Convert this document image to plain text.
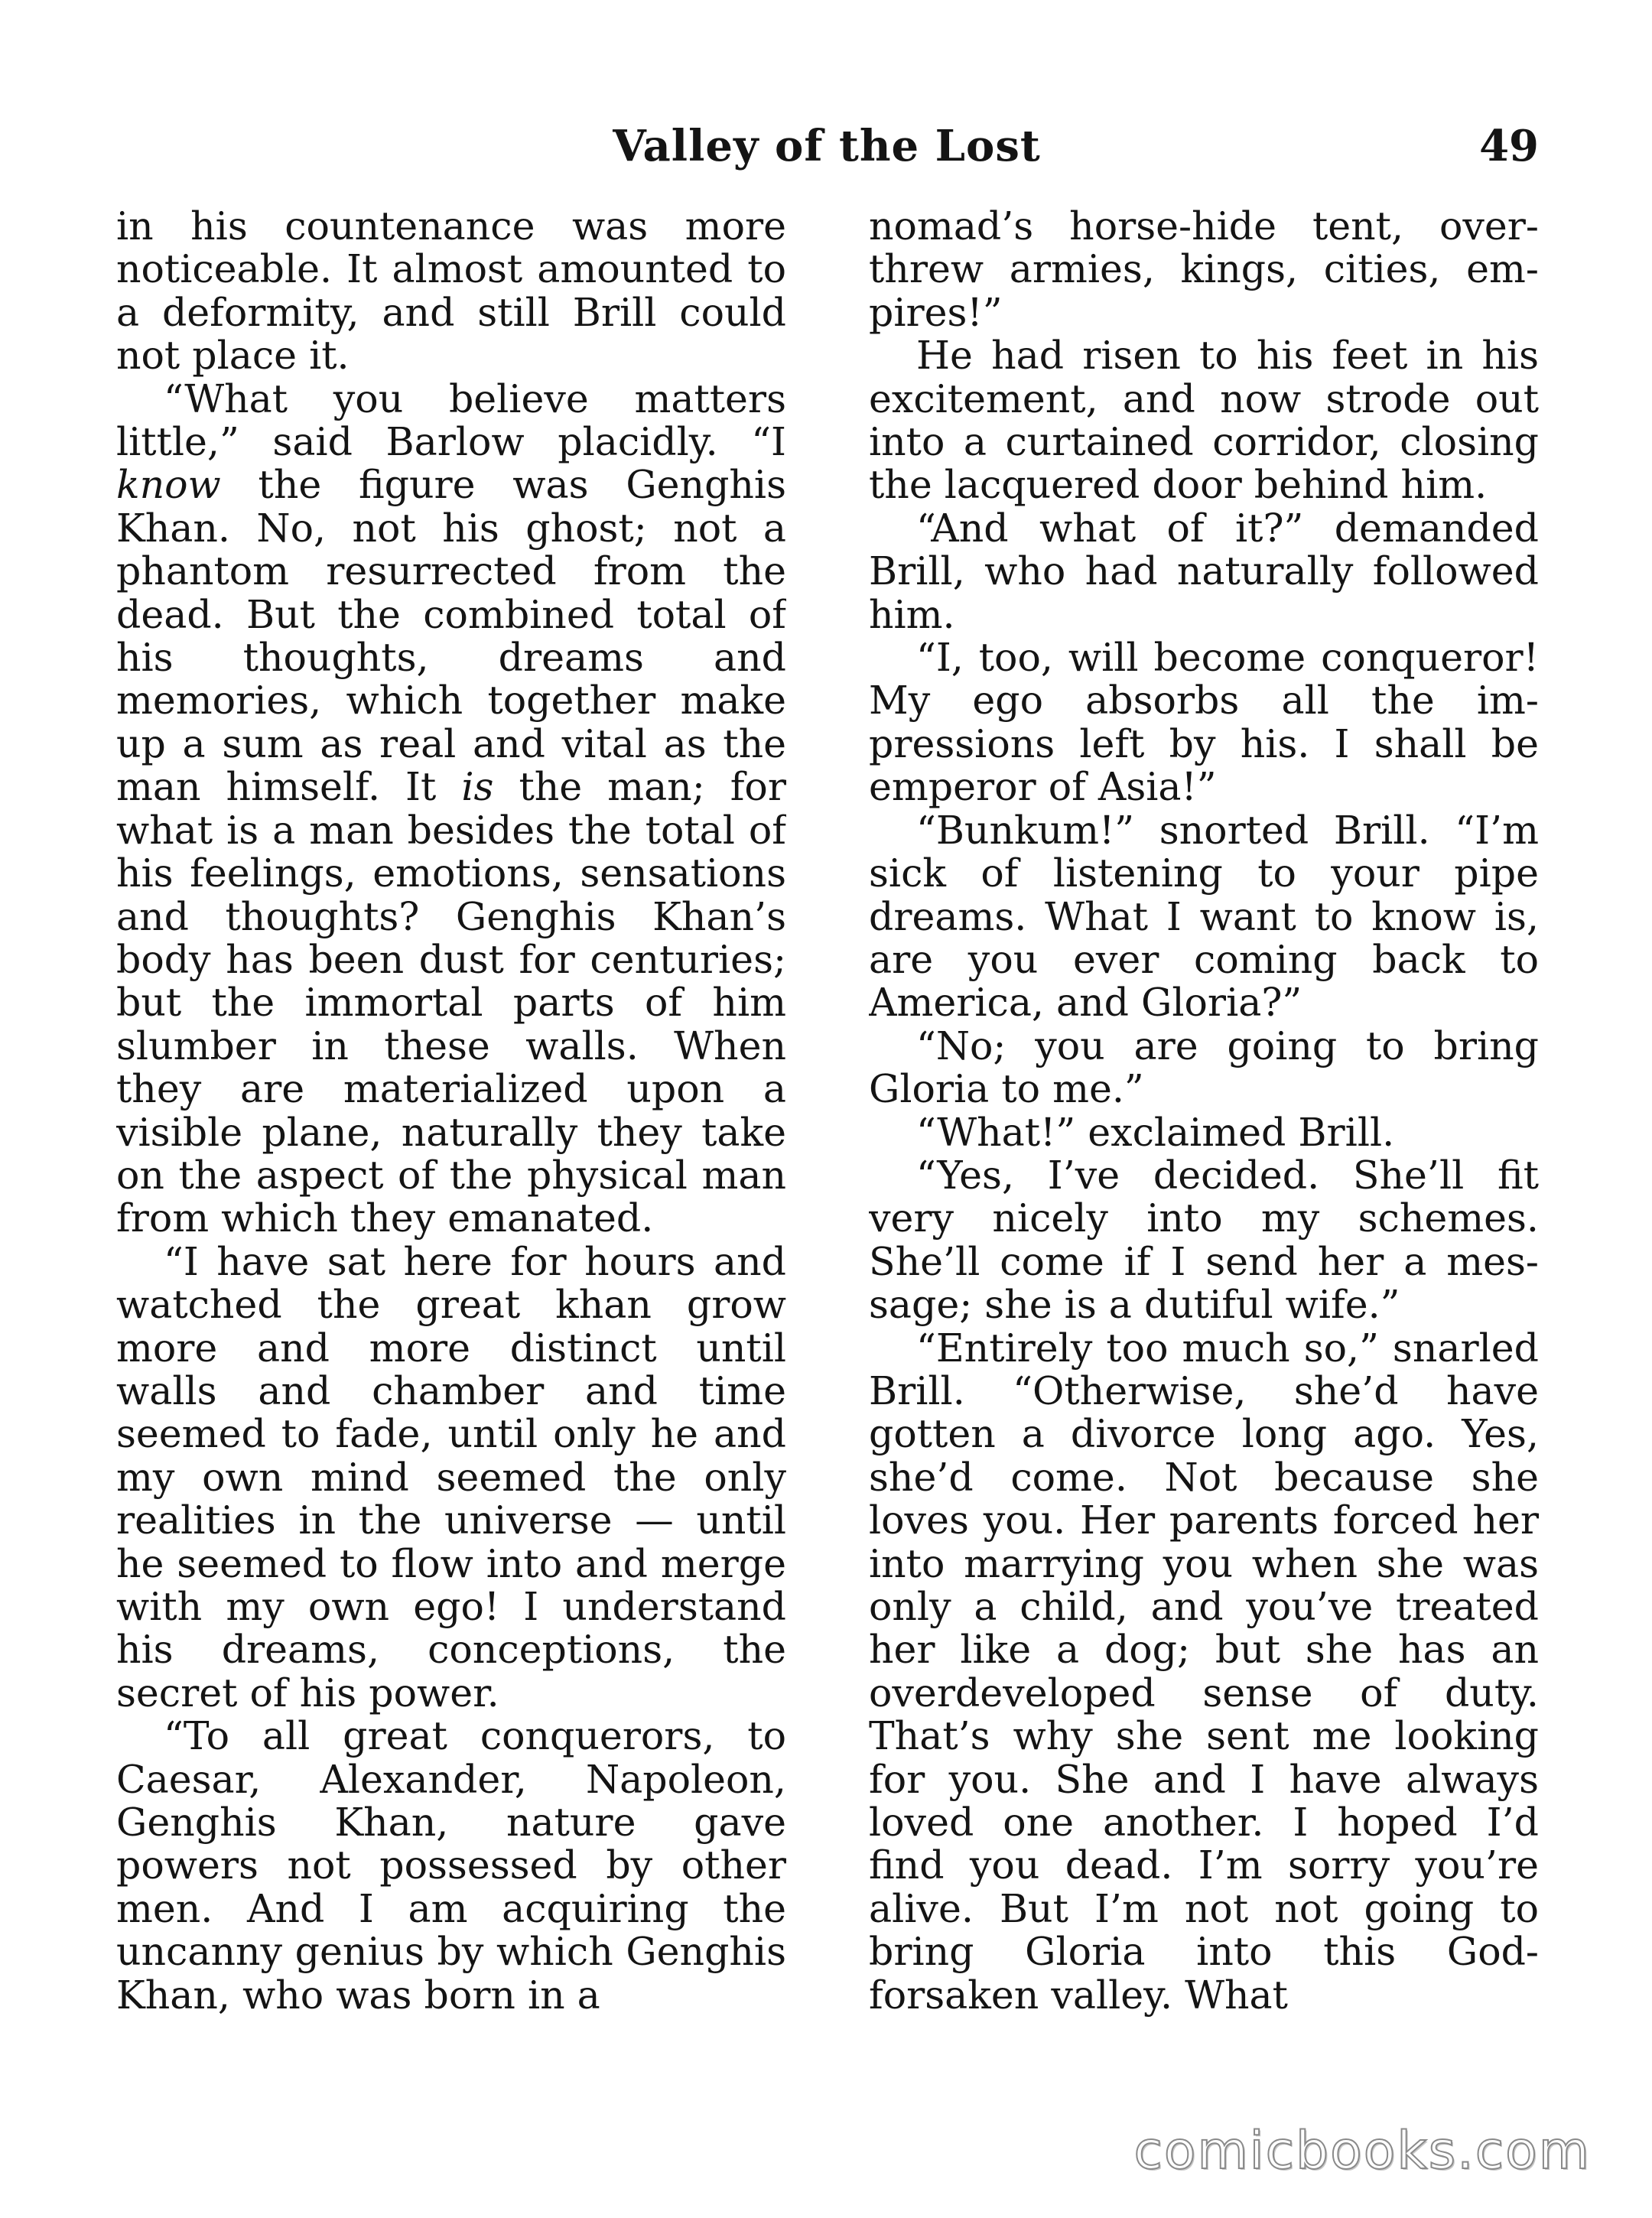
Valley of the Lost	49

in his countenance was more noticeable. It almost amounted to a deformity, and still Brill could not place it.

“What you believe matters little,” said Barlow placidly. “I know the figure was Genghis Khan. No, not his ghost; not a phantom resurrected from the dead. But the combined total of his thoughts, dreams and memories, which together make up a sum as real and vital as the man himself. It is the man; for what is a man besides the total of his feelings, emotions, sensations and thoughts? Genghis Khan’s body has been dust for centuries; but the immortal parts of him slumber in these walls. When they are materialized upon a visible plane, naturally they take on the aspect of the physical man from which they emanated.

“I have sat here for hours and watched the great khan grow more and more distinct until walls and chamber and time seemed to fade, until only he and my own mind seemed the only realities in the universe — until he seemed to flow into and merge with my own ego! I understand his dreams, conceptions, the secret of his power.

“To all great conquerors, to Caesar, Alexander, Napoleon, Genghis Khan, nature gave powers not possessed by other men. And I am acquiring the uncanny genius by which Genghis Khan, who was born in a

nomad’s horse-hide tent, overthrew armies, kings, cities, empires!”

He had risen to his feet in his excitement, and now strode out into a curtained corridor, closing the lacquered door behind him.

“And what of it?” demanded Brill, who had naturally followed him.

“I, too, will become conqueror! My ego absorbs all the impressions left by his. I shall be emperor of Asia!”

“Bunkum!” snorted Brill. “I’m sick of listening to your pipe dreams. What I want to know is, are you ever coming back to America, and Gloria?”

“No; you are going to bring Gloria to me.”

“What!” exclaimed Brill.

“Yes, I’ve decided. She’ll fit very nicely into my schemes. She’ll come if I send her a message; she is a dutiful wife.”

“Entirely too much so,” snarled Brill. “Otherwise, she’d have gotten a divorce long ago. Yes, she’d come. Not because she loves you. Her parents forced her into marrying you when she was only a child, and you’ve treated her like a dog; but she has an overdeveloped sense of duty. That’s why she sent me looking for you. She and I have always loved one another. I hoped I’d find you dead. I’m sorry you’re alive. But I’m not not going to bring Gloria into this God-forsaken valley. What

comicbooks.com
